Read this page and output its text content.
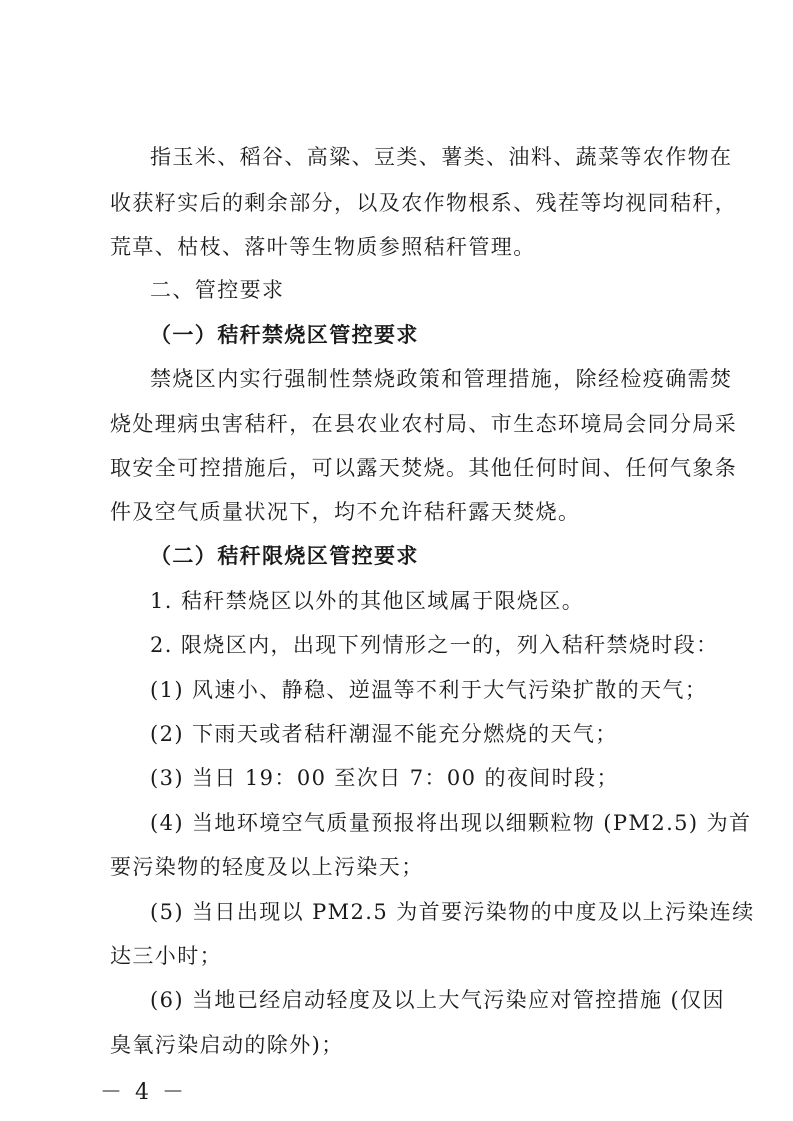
指玉米、稻谷、高粱、豆类、薯类、油料、蔬菜等农作物在
收获籽实后的剩余部分，以及农作物根系、残茬等均视同秸秆，
荒草、枯枝、落叶等生物质参照秸秆管理。
二、管控要求
（一）秸秆禁烧区管控要求
禁烧区内实行强制性禁烧政策和管理措施，除经检疫确需焚
烧处理病虫害秸秆，在县农业农村局、市生态环境局会同分局采
取安全可控措施后，可以露天焚烧。其他任何时间、任何气象条
件及空气质量状况下，均不允许秸秆露天焚烧。
（二）秸秆限烧区管控要求
1. 秸秆禁烧区以外的其他区域属于限烧区。
2. 限烧区内，出现下列情形之一的，列入秸秆禁烧时段：
(1) 风速小、静稳、逆温等不利于大气污染扩散的天气；
(2) 下雨天或者秸秆潮湿不能充分燃烧的天气；
(3) 当日 19：00 至次日 7：00 的夜间时段；
(4) 当地环境空气质量预报将出现以细颗粒物 (PM2.5) 为首
要污染物的轻度及以上污染天；
(5) 当日出现以 PM2.5 为首要污染物的中度及以上污染连续
达三小时；
(6) 当地已经启动轻度及以上大气污染应对管控措施 (仅因
臭氧污染启动的除外)；
－ 4 －
